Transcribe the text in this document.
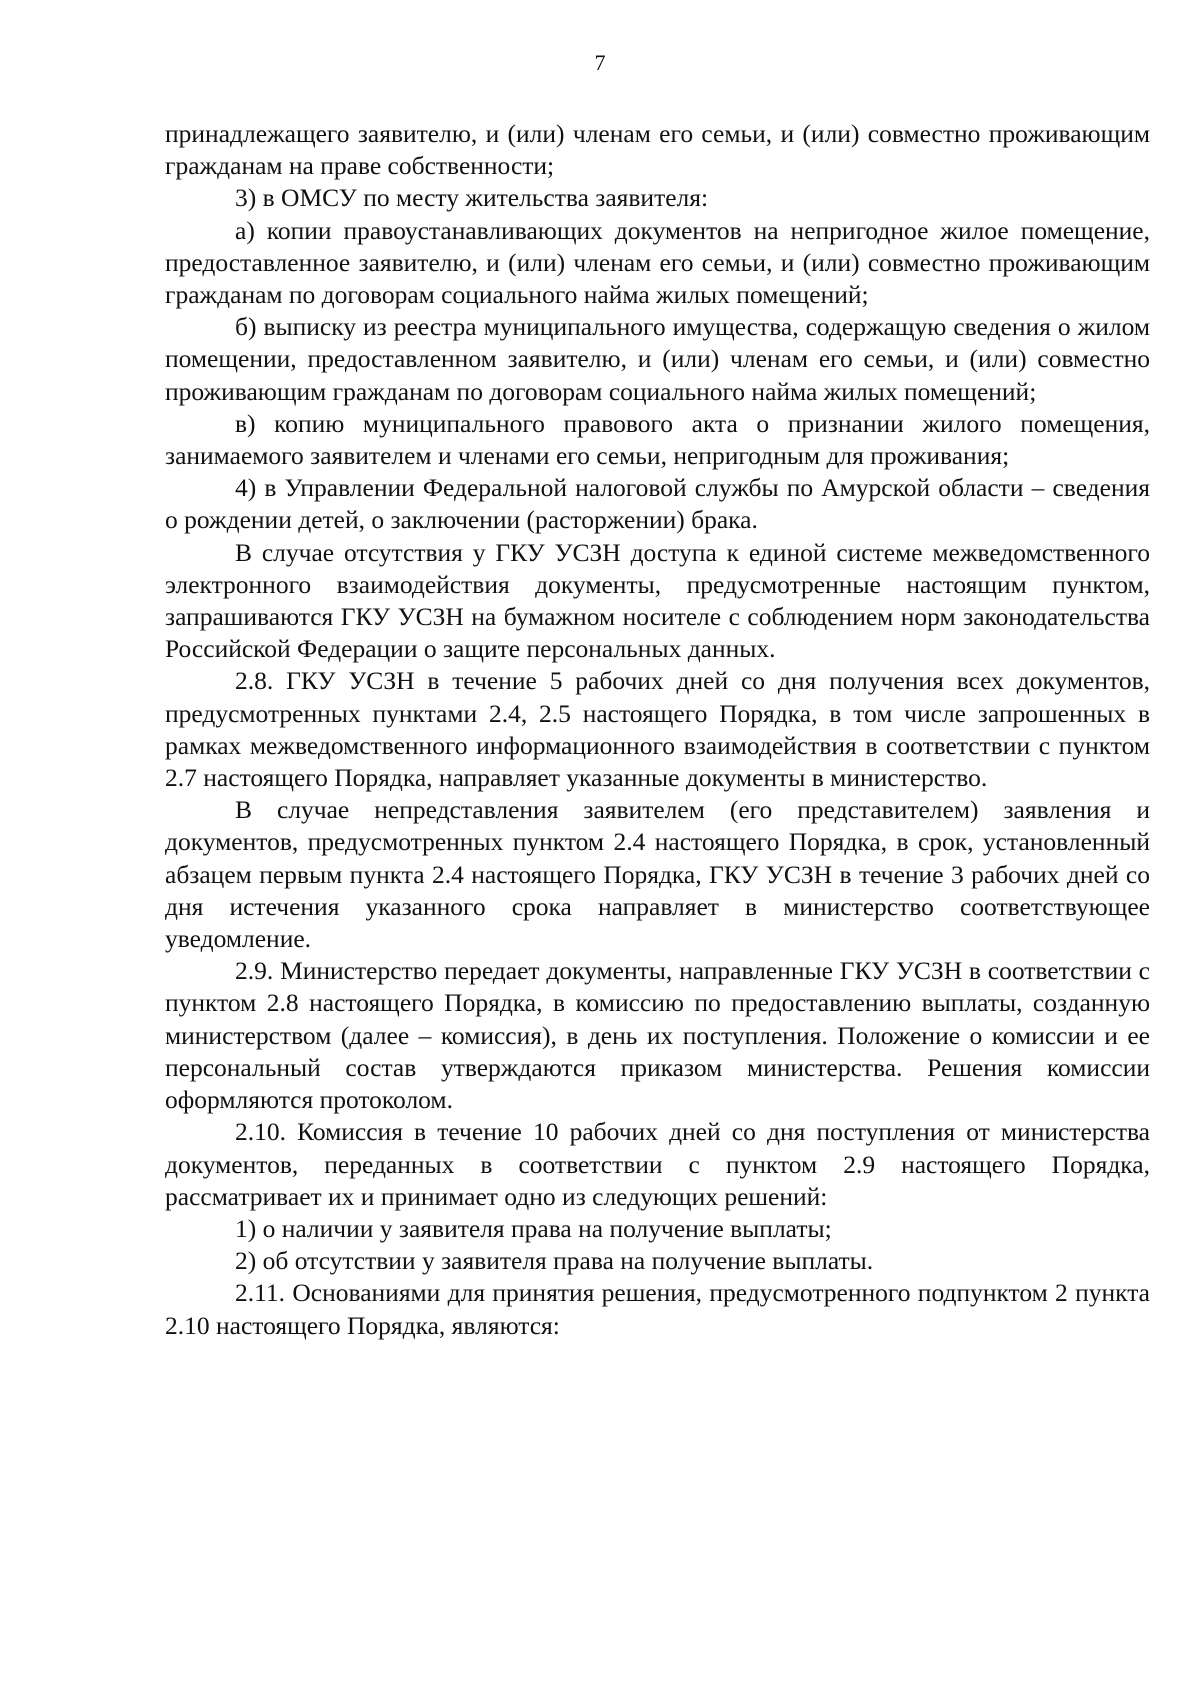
7

принадлежащего заявителю, и (или) членам его семьи, и (или) совместно проживающим гражданам на праве собственности;

3) в ОМСУ по месту жительства заявителя:

а) копии правоустанавливающих документов на непригодное жилое помещение, предоставленное заявителю, и (или) членам его семьи, и (или) совместно проживающим гражданам по договорам социального найма жилых помещений;

б) выписку из реестра муниципального имущества, содержащую сведения о жилом помещении, предоставленном заявителю, и (или) членам его семьи, и (или) совместно проживающим гражданам по договорам социального найма жилых помещений;

в) копию муниципального правового акта о признании жилого помещения, занимаемого заявителем и членами его семьи, непригодным для проживания;

4) в Управлении Федеральной налоговой службы по Амурской области – сведения о рождении детей, о заключении (расторжении) брака.

В случае отсутствия у ГКУ УСЗН доступа к единой системе межведомственного электронного взаимодействия документы, предусмотренные настоящим пунктом, запрашиваются ГКУ УСЗН на бумажном носителе с соблюдением норм законодательства Российской Федерации о защите персональных данных.

2.8. ГКУ УСЗН в течение 5 рабочих дней со дня получения всех документов, предусмотренных пунктами 2.4, 2.5 настоящего Порядка, в том числе запрошенных в рамках межведомственного информационного взаимодействия в соответствии с пунктом 2.7 настоящего Порядка, направляет указанные документы в министерство.

В случае непредставления заявителем (его представителем) заявления и документов, предусмотренных пунктом 2.4 настоящего Порядка, в срок, установленный абзацем первым пункта 2.4 настоящего Порядка, ГКУ УСЗН в течение 3 рабочих дней со дня истечения указанного срока направляет в министерство соответствующее уведомление.

2.9. Министерство передает документы, направленные ГКУ УСЗН в соответствии с пунктом 2.8 настоящего Порядка, в комиссию по предоставлению выплаты, созданную министерством (далее – комиссия), в день их поступления. Положение о комиссии и ее персональный состав утверждаются приказом министерства. Решения комиссии оформляются протоколом.

2.10. Комиссия в течение 10 рабочих дней со дня поступления от министерства документов, переданных в соответствии с пунктом 2.9 настоящего Порядка, рассматривает их и принимает одно из следующих решений:

1) о наличии у заявителя права на получение выплаты;

2) об отсутствии у заявителя права на получение выплаты.

2.11. Основаниями для принятия решения, предусмотренного подпунктом 2 пункта 2.10 настоящего Порядка, являются:
